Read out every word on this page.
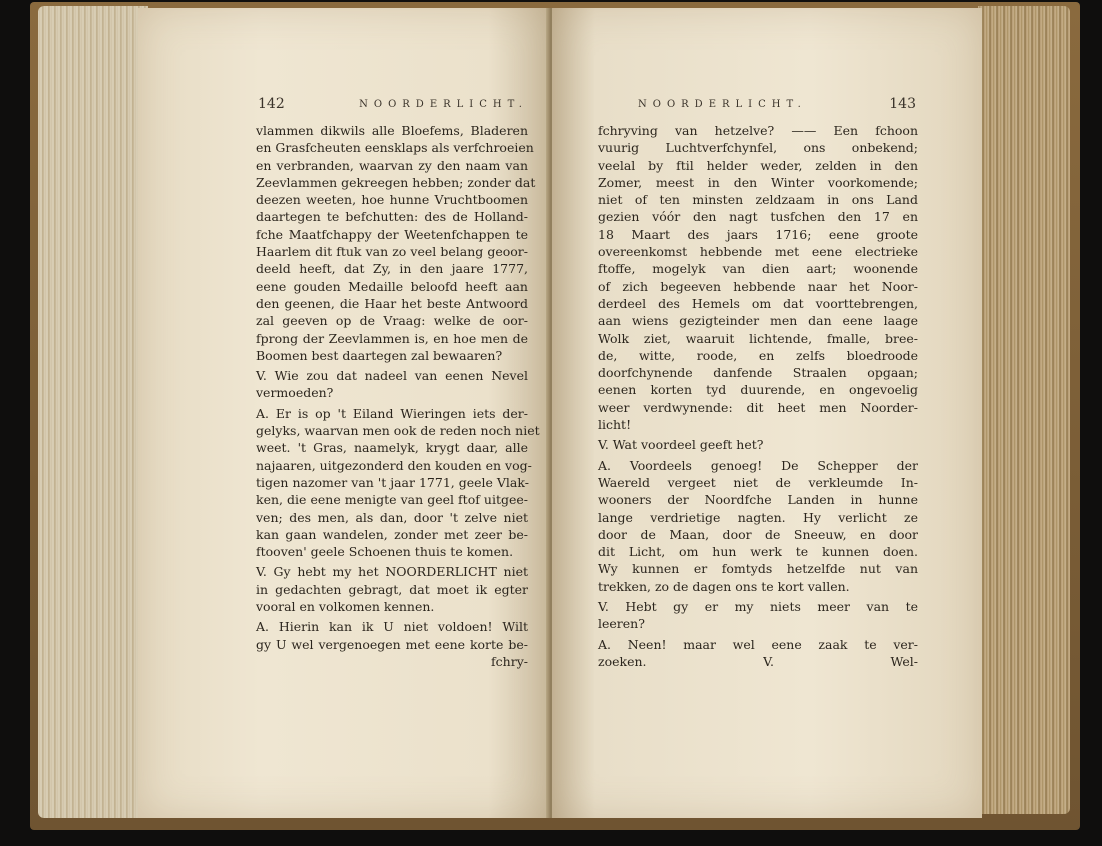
142	NOORDERLICHT.
vlammen dikwils alle Bloefems, Bladeren
en Grasfcheuten eensklaps als verfchroeien
en verbranden, waarvan zy den naam van
Zeevlammen gekreegen hebben; zonder dat
deezen weeten, hoe hunne Vruchtboomen
daartegen te befchutten: des de Holland-
fche Maatfchappy der Weetenfchappen te
Haarlem dit ftuk van zo veel belang geoor-
deeld heeft, dat Zy, in den jaare 1777,
eene gouden Medaille beloofd heeft aan
den geenen, die Haar het beste Antwoord
zal geeven op de Vraag: welke de oor-
fprong der Zeevlammen is, en hoe men de
Boomen best daartegen zal bewaaren?
V. Wie zou dat nadeel van eenen Nevel
vermoeden?
A. Er is op 't Eiland Wieringen iets der-
gelyks, waarvan men ook de reden noch niet
weet. 't Gras, naamelyk, krygt daar, alle
najaaren, uitgezonderd den kouden en vog-
tigen nazomer van 't jaar 1771, geele Vlak-
ken, die eene menigte van geel ftof uitgee-
ven; des men, als dan, door 't zelve niet
kan gaan wandelen, zonder met zeer be-
ftooven' geele Schoenen thuis te komen.
V. Gy hebt my het NOORDERLICHT niet
in gedachten gebragt, dat moet ik egter
vooral en volkomen kennen.
A. Hierin kan ik U niet voldoen! Wilt
gy U wel vergenoegen met eene korte be-
fchry-
NOORDERLICHT.	143
fchryving van hetzelve? —— Een fchoon
vuurig Luchtverfchynfel, ons onbekend;
veelal by ftil helder weder, zelden in den
Zomer, meest in den Winter voorkomende;
niet of ten minsten zeldzaam in ons Land
gezien vóór den nagt tusfchen den 17 en
18 Maart des jaars 1716; eene groote
overeenkomst hebbende met eene electrieke
ftoffe, mogelyk van dien aart; woonende
of zich begeeven hebbende naar het Noor-
derdeel des Hemels om dat voorttebrengen,
aan wiens gezigteinder men dan eene laage
Wolk ziet, waaruit lichtende, fmalle, bree-
de, witte, roode, en zelfs bloedroode
doorfchynende danfende Straalen opgaan;
eenen korten tyd duurende, en ongevoelig
weer verdwynende: dit heet men Noorder-
licht!
V. Wat voordeel geeft het?
A. Voordeels genoeg! De Schepper der
Waereld vergeet niet de verkleumde In-
wooners der Noordfche Landen in hunne
lange verdrietige nagten. Hy verlicht ze
door de Maan, door de Sneeuw, en door
dit Licht, om hun werk te kunnen doen.
Wy kunnen er fomtyds hetzelfde nut van
trekken, zo de dagen ons te kort vallen.
V. Hebt gy er my niets meer van te
leeren?
A. Neen! maar wel eene zaak te ver-
zoeken. V. Wel-
